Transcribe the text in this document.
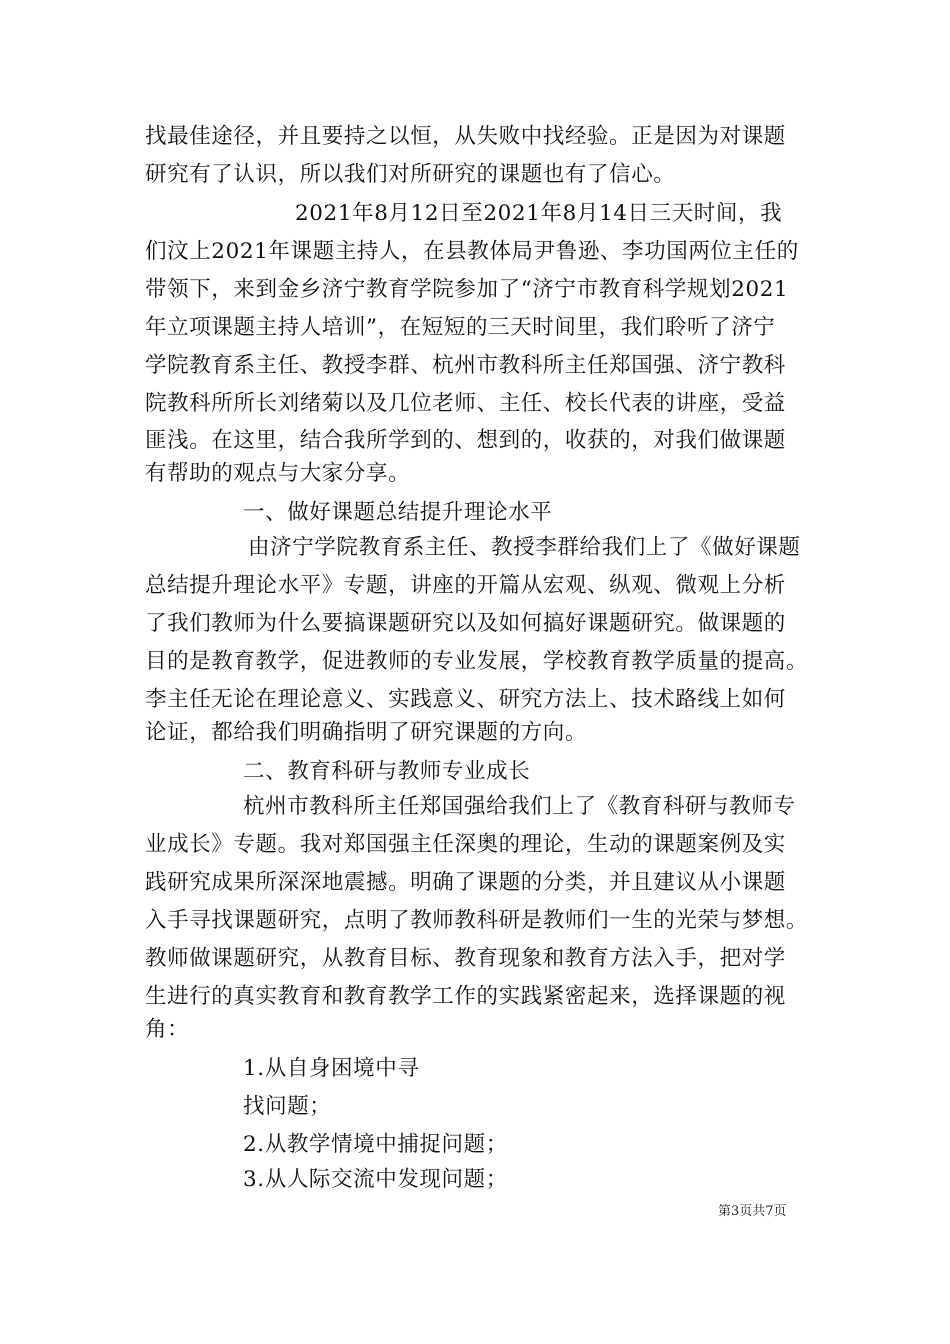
找最佳途径，并且要持之以恒，从失败中找经验。正是因为对课题
研究有了认识，所以我们对所研究的课题也有了信心。
2021年8月12日至2021年8月14日三天时间，我
们汶上2021年课题主持人，在县教体局尹鲁逊、李功国两位主任的
带领下，来到金乡济宁教育学院参加了“济宁市教育科学规划2021
年立项课题主持人培训”，在短短的三天时间里，我们聆听了济宁
学院教育系主任、教授李群、杭州市教科所主任郑国强、济宁教科
院教科所所长刘绪菊以及几位老师、主任、校长代表的讲座，受益
匪浅。在这里，结合我所学到的、想到的，收获的，对我们做课题
有帮助的观点与大家分享。
一、做好课题总结提升理论水平
由济宁学院教育系主任、教授李群给我们上了《做好课题
总结提升理论水平》专题，讲座的开篇从宏观、纵观、微观上分析
了我们教师为什么要搞课题研究以及如何搞好课题研究。做课题的
目的是教育教学，促进教师的专业发展，学校教育教学质量的提高。
李主任无论在理论意义、实践意义、研究方法上、技术路线上如何
论证，都给我们明确指明了研究课题的方向。
二、教育科研与教师专业成长
杭州市教科所主任郑国强给我们上了《教育科研与教师专
业成长》专题。我对郑国强主任深奥的理论，生动的课题案例及实
践研究成果所深深地震撼。明确了课题的分类，并且建议从小课题
入手寻找课题研究，点明了教师教科研是教师们一生的光荣与梦想。
教师做课题研究，从教育目标、教育现象和教育方法入手，把对学
生进行的真实教育和教育教学工作的实践紧密起来，选择课题的视
角：
1.从自身困境中寻
找问题；
2.从教学情境中捕捉问题；
3.从人际交流中发现问题；
第3页共7页
